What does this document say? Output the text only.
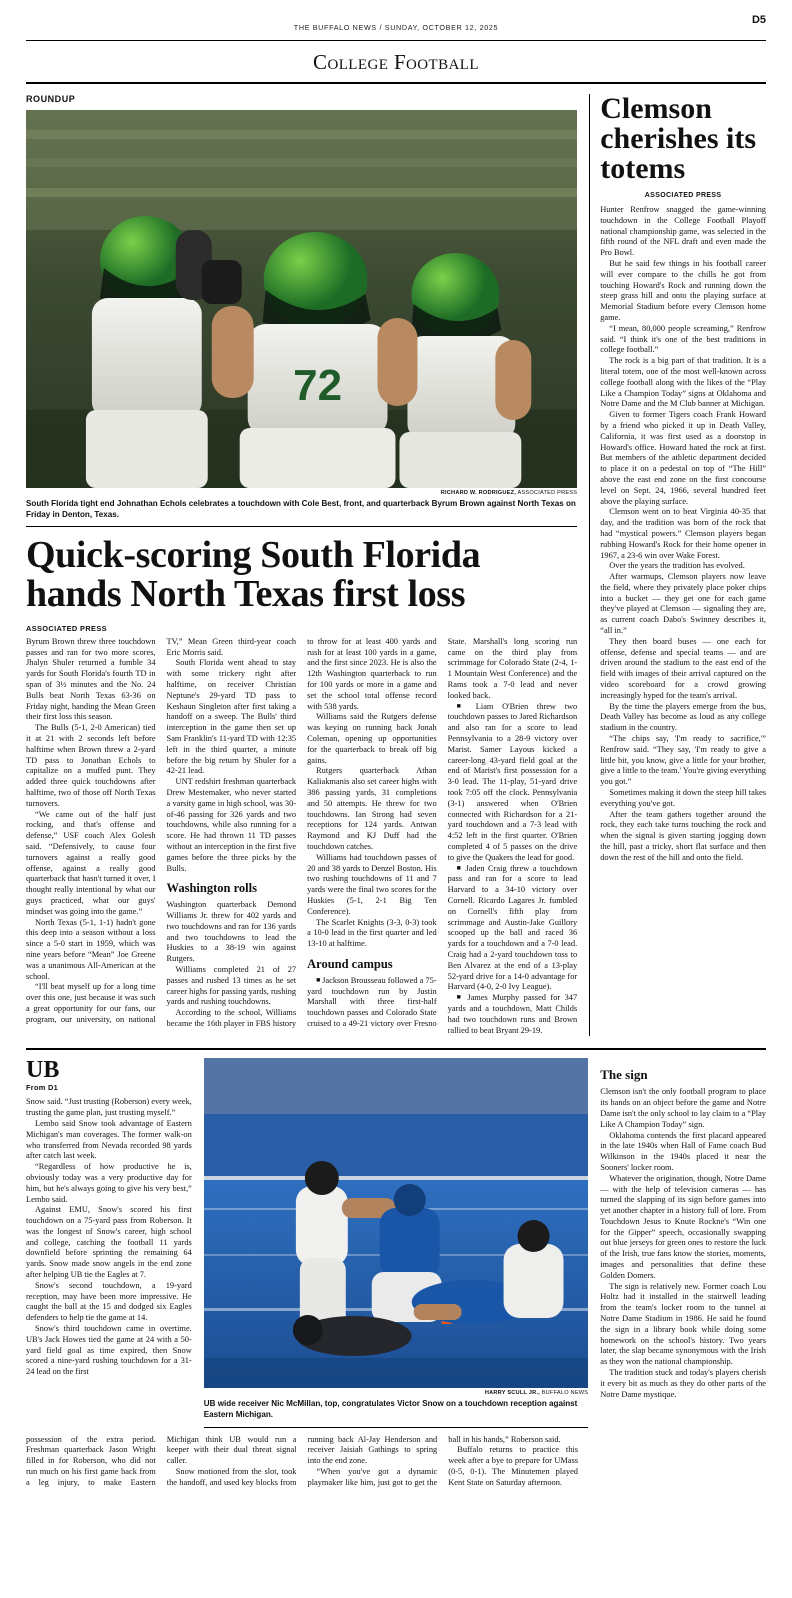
THE BUFFALO NEWS / SUNDAY, OCTOBER 12, 2025
D5
College Football
ROUNDUP
72
RICHARD W. RODRIGUEZ, ASSOCIATED PRESS
South Florida tight end Johnathan Echols celebrates a touchdown with Cole Best, front, and quarterback Byrum Brown against North Texas on Friday in Denton, Texas.
Quick-scoring South Florida hands North Texas first loss
ASSOCIATED PRESS

Byrum Brown threw three touchdown passes and ran for two more scores, Jhalyn Shuler returned a fumble 34 yards for South Florida's fourth TD in span of 3½ minutes and the No. 24 Bulls beat North Texas 63-36 on Friday night, handing the Mean Green their first loss this season.

The Bulls (5-1, 2-0 American) tied it at 21 with 2 seconds left before halftime when Brown threw a 2-yard TD pass to Jonathan Echols to capitalize on a muffed punt. They added three quick touchdowns after halftime, two of those off North Texas turnovers.

“We came out of the half just rocking, and that's offense and defense,” USF coach Alex Golesh said. “Defensively, to cause four turnovers against a really good offense, against a really good quarterback that hasn't turned it over, I thought really intentional by what our guys practiced, what our guys' mindset was going into the game.”

North Texas (5-1, 1-1) hadn't gone this deep into a season without a loss since a 5-0 start in 1959, which was nine years before “Mean” Joe Greene was a unanimous All-American at the school.

“I'll beat myself up for a long time over this one, just because it was such a great opportunity for our fans, our program, our university, on national TV,” Mean Green third-year coach Eric Morris said.

South Florida went ahead to stay with some trickery right after halftime, on receiver Christian Neptune's 29-yard TD pass to Keshaun Singleton after first taking a handoff on a sweep. The Bulls' third interception in the game then set up Sam Franklin's 11-yard TD with 12:35 left in the third quarter, a minute before the big return by Shuler for a 42-21 lead.

UNT redshirt freshman quarterback Drew Mestemaker, who never started a varsity game in high school, was 30-of-46 passing for 326 yards and two touchdowns, while also running for a score. He had thrown 11 TD passes without an interception in the first five games before the three picks by the Bulls.

Washington rolls

Washington quarterback Demond Williams Jr. threw for 402 yards and two touchdowns and ran for 136 yards and two touchdowns to lead the Huskies to a 38-19 win against Rutgers.

Williams completed 21 of 27 passes and rushed 13 times as he set career highs for passing yards, rushing yards and rushing touchdowns.

According to the school, Williams became the 16th player in FBS history to throw for at least 400 yards and rush for at least 100 yards in a game, and the first since 2023. He is also the 12th Washington quarterback to run for 100 yards or more in a game and set the school total offense record with 538 yards.

Williams said the Rutgers defense was keying on running back Jonah Coleman, opening up opportunities for the quarterback to break off big gains.

Rutgers quarterback Athan Kaliakmanis also set career highs with 386 passing yards, 31 completions and 50 attempts. He threw for two touchdowns. Ian Strong had seven receptions for 124 yards. Antwan Raymond and KJ Duff had the touchdown catches.

Williams had touchdown passes of 20 and 38 yards to Denzel Boston. His two rushing touchdowns of 11 and 7 yards were the final two scores for the Huskies (5-1, 2-1 Big Ten Conference).

The Scarlet Knights (3-3, 0-3) took a 10-0 lead in the first quarter and led 13-10 at halftime.

Around campus

■ Jackson Brousseau followed a 75-yard touchdown run by Justin Marshall with three first-half touchdown passes and Colorado State cruised to a 49-21 victory over Fresno State. Marshall's long scoring run came on the third play from scrimmage for Colorado State (2-4, 1-1 Mountain West Conference) and the Rams took a 7-0 lead and never looked back.

■ Liam O'Brien threw two touchdown passes to Jared Richardson and also ran for a score to lead Pennsylvania to a 28-9 victory over Marist. Samer Layous kicked a career-long 43-yard field goal at the end of Marist's first possession for a 3-0 lead. The 11-play, 51-yard drive took 7:05 off the clock. Pennsylvania (3-1) answered when O'Brien connected with Richardson for a 21-yard touchdown and a 7-3 lead with 4:52 left in the first quarter. O'Brien completed 4 of 5 passes on the drive to give the Quakers the lead for good.

■ Jaden Craig threw a touchdown pass and ran for a score to lead Harvard to a 34-10 victory over Cornell. Ricardo Lagares Jr. fumbled on Cornell's fifth play from scrimmage and Austin-Jake Guillory scooped up the ball and raced 36 yards for a touchdown and a 7-0 lead. Craig had a 2-yard touchdown toss to Ben Alvarez at the end of a 13-play 52-yard drive for a 14-0 advantage for Harvard (4-0, 2-0 Ivy League).

■ James Murphy passed for 347 yards and a touchdown, Matt Childs had two touchdown runs and Brown rallied to beat Bryant 29-19.

Clemson cherishes its totems
ASSOCIATED PRESS

Hunter Renfrow snagged the game-winning touchdown in the College Football Playoff national championship game, was selected in the fifth round of the NFL draft and even made the Pro Bowl.

But he said few things in his football career will ever compare to the chills he got from touching Howard's Rock and running down the steep grass hill and onto the playing surface at Memorial Stadium before every Clemson home game.

“I mean, 80,000 people screaming,” Renfrow said. “I think it's one of the best traditions in college football.”

The rock is a big part of that tradition. It is a literal totem, one of the most well-known across college football along with the likes of the “Play Like a Champion Today” signs at Oklahoma and Notre Dame and the M Club banner at Michigan.

Given to former Tigers coach Frank Howard by a friend who picked it up in Death Valley, California, it was first used as a doorstop in Howard's office. Howard hated the rock at first. But members of the athletic department decided to place it on a pedestal on top of “The Hill” above the east end zone on the first concourse level on Sept. 24, 1966, several hundred feet above the playing surface.

Clemson went on to beat Virginia 40-35 that day, and the tradition was born of the rock that had “mystical powers.” Clemson players began rubbing Howard's Rock for their home opener in 1967, a 23-6 win over Wake Forest.

Over the years the tradition has evolved.

After warmups, Clemson players now leave the field, where they privately place poker chips into a bucket — they get one for each game they've played at Clemson — signaling they are, as current coach Dabo's Swinney describes it, “all in.”

They then board buses — one each for offense, defense and special teams — and are driven around the stadium to the east end of the field with images of their arrival captured on the video scoreboard for a crowd growing increasingly hyped for the team's arrival.

By the time the players emerge from the bus, Death Valley has become as loud as any college stadium in the country.

“The chips say, 'I'm ready to sacrifice,'” Renfrow said. “They say, 'I'm ready to give a little bit, you know, give a little for your brother, give a little to the team.' You're giving everything you got.”

Sometimes making it down the steep hill takes everything you've got.

After the team gathers together around the rock, they each take turns touching the rock and when the signal is given starting jogging down the hill, past a tricky, short flat surface and then down the rest of the hill and onto the field.

UB
From D1

Snow said. “Just trusting (Roberson) every week, trusting the game plan, just trusting myself.”

Lembo said Snow took advantage of Eastern Michigan's man coverages. The former walk-on who transferred from Nevada recorded 98 yards after catch last week.

“Regardless of how productive he is, obviously today was a very productive day for him, but he's always going to give his very best,” Lembo said.

Against EMU, Snow's scored his first touchdown on a 75-yard pass from Roberson. It was the longest of Snow's career, high school and college, catching the football 11 yards downfield before sprinting the remaining 64 yards. Snow made snow angels in the end zone after helping UB tie the Eagles at 7.

Snow's second touchdown, a 19-yard reception, may have been more impressive. He caught the ball at the 15 and dodged six Eagles defenders to help tie the game at 14.

Snow's third touchdown came in overtime. UB's Jack Howes tied the game at 24 with a 50-yard field goal as time expired, then Snow scored a nine-yard rushing touchdown for a 31-24 lead on the first

HARRY SCULL JR., BUFFALO NEWS
UB wide receiver Nic McMillan, top, congratulates Victor Snow on a touchdown reception against Eastern Michigan.
The sign

Clemson isn't the only football program to place its hands on an object before the game and Notre Dame isn't the only school to lay claim to a “Play Like A Champion Today” sign.

Oklahoma contends the first placard appeared in the late 1940s when Hall of Fame coach Bud Wilkinson in the 1940s placed it near the Sooners' locker room.

Whatever the origination, though, Notre Dame — with the help of television cameras — has turned the slapping of its sign before games into yet another chapter in a history full of lore. From Touchdown Jesus to Knute Rockne's “Win one for the Gipper” speech, occasionally swapping out blue jerseys for green ones to restore the luck of the Irish, true fans know the stories, moments, images and personalities that define these Golden Domers.

The sign is relatively new. Former coach Lou Holtz had it installed in the stairwell leading from the team's locker room to the tunnel at Notre Dame Stadium in 1986. He said he found the sign in a library book while doing some homework on the school's history. Two years later, the slap became synonymous with the Irish as they won the national championship.

The tradition stuck and today's players cherish it every bit as much as they do other parts of the Notre Dame mystique.

possession of the extra period. Freshman quarterback Jason Wright filled in for Roberson, who did not run much on his first game back from a leg injury, to make Eastern Michigan think UB would run a keeper with their dual threat signal caller.

Snow motioned from the slot, took the handoff, and used key blocks from running back Al-Jay Henderson and receiver Jaisiah Gathings to spring into the end zone.

“When you've got a dynamic playmaker like him, just got to get the ball in his hands,” Roberson said.

Buffalo returns to practice this week after a bye to prepare for UMass (0-5, 0-1). The Minutemen played Kent State on Saturday afternoon.
